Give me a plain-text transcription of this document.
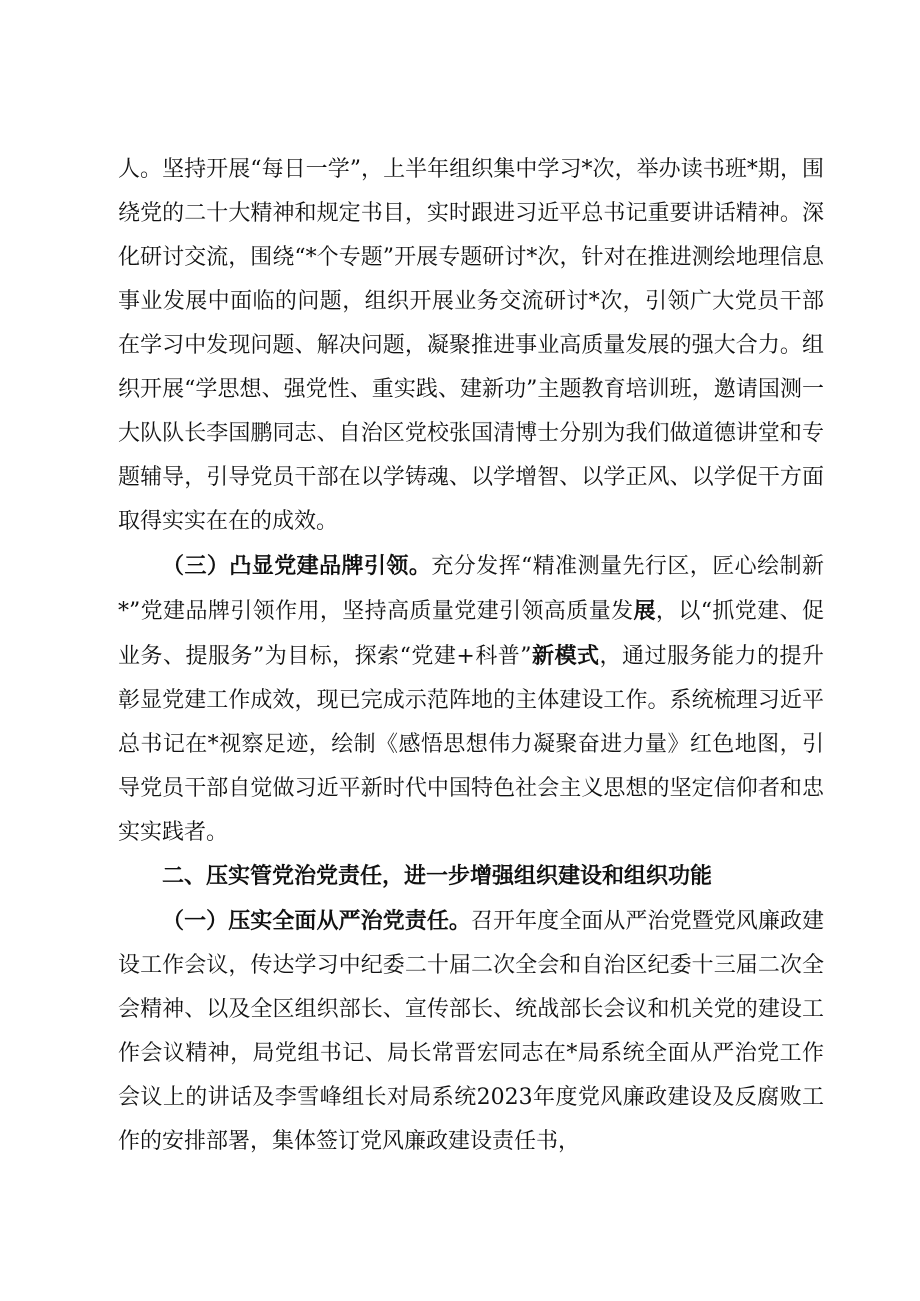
人。坚持开展“每日一学”，上半年组织集中学习*次，举办读书班*期，围绕党的二十大精神和规定书目，实时跟进习近平总书记重要讲话精神。深化研讨交流，围绕“*个专题”开展专题研讨*次，针对在推进测绘地理信息事业发展中面临的问题，组织开展业务交流研讨*次，引领广大党员干部在学习中发现问题、解决问题，凝聚推进事业高质量发展的强大合力。组织开展“学思想、强党性、重实践、建新功”主题教育培训班，邀请国测一大队队长李国鹏同志、自治区党校张国清博士分别为我们做道德讲堂和专题辅导，引导党员干部在以学铸魂、以学增智、以学正风、以学促干方面取得实实在在的成效。

（三）凸显党建品牌引领。充分发挥“精准测量先行区，匠心绘制新*”党建品牌引领作用，坚持高质量党建引领高质量发展，以“抓党建、促业务、提服务”为目标，探索“党建+科普”新模式，通过服务能力的提升彰显党建工作成效，现已完成示范阵地的主体建设工作。系统梳理习近平总书记在*视察足迹，绘制《感悟思想伟力凝聚奋进力量》红色地图，引导党员干部自觉做习近平新时代中国特色社会主义思想的坚定信仰者和忠实实践者。

二、压实管党治党责任，进一步增强组织建设和组织功能

（一）压实全面从严治党责任。召开年度全面从严治党暨党风廉政建设工作会议，传达学习中纪委二十届二次全会和自治区纪委十三届二次全会精神、以及全区组织部长、宣传部长、统战部长会议和机关党的建设工作会议精神，局党组书记、局长常晋宏同志在*局系统全面从严治党工作会议上的讲话及李雪峰组长对局系统2023年度党风廉政建设及反腐败工作的安排部署，集体签订党风廉政建设责任书，
